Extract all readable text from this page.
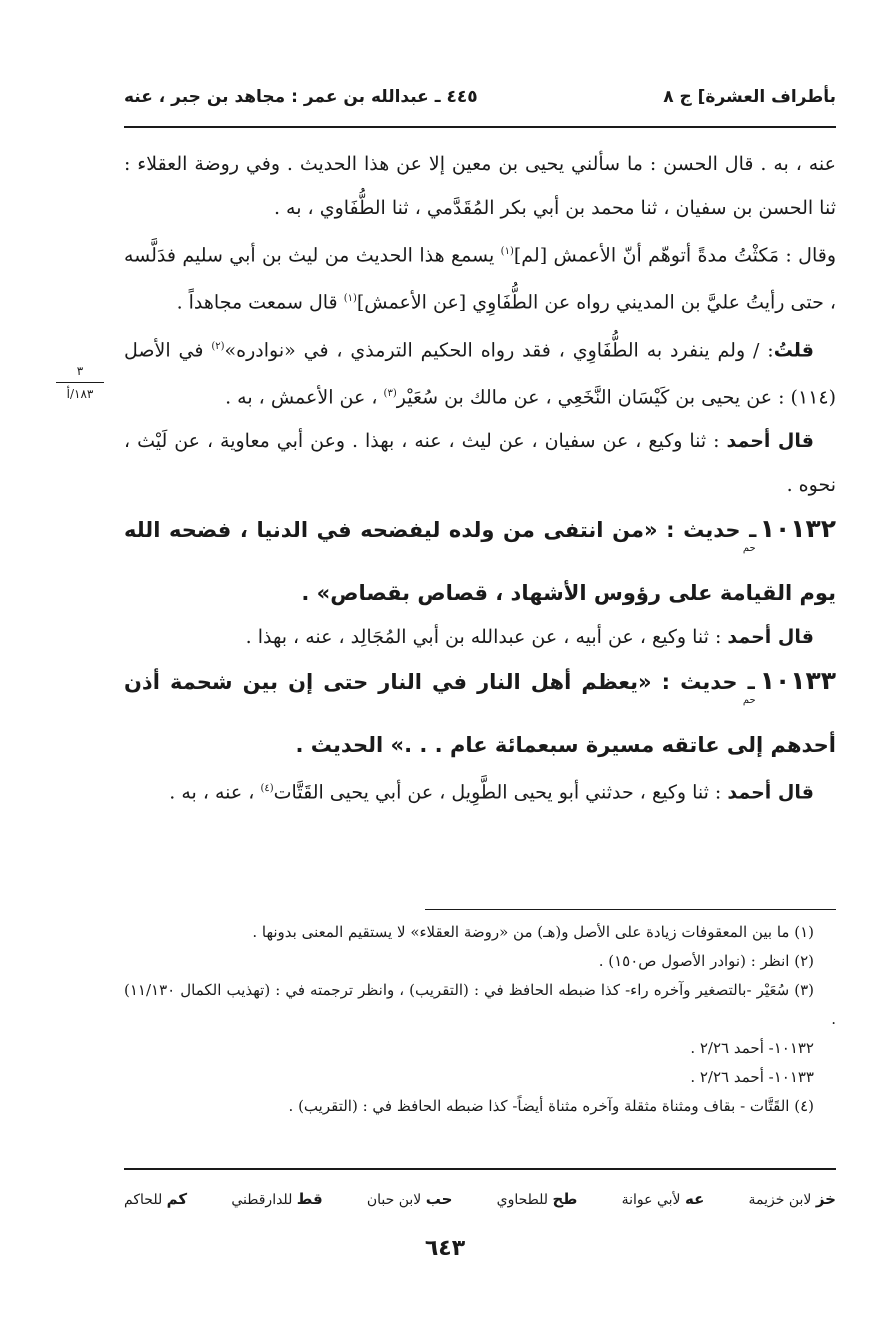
بأطراف العشرة] ج ٨
٤٤٥ ـ عبدالله بن عمر : مجاهد بن جبر ، عنه
٣
١٨٣/أ

عنه ، به . قال الحسن : ما سألني يحيى بن معين إلا عن هذا الحديث . وفي روضة العقلاء : ثنا الحسن بن سفيان ، ثنا محمد بن أبي بكر المُقَدَّمي ، ثنا الطُّفَاوي ، به .
وقال : مَكثْتُ مدةً أتوهّم أنّ الأعمش [لم]$^{(١)}$ يسمع هذا الحديث من ليث بن أبي سليم فدَلَّسه ، حتى رأيتُ عليَّ بن المديني رواه عن الطُّفَاوِي [عن الأعمش]$^{(١)}$ قال سمعت مجاهداً .

قلتُ: / ولم ينفرد به الطُّفَاوِي ، فقد رواه الحكيم الترمذي ، في «نوادره»$^{(٢)}$ في الأصل (١١٤) : عن يحيى بن كَيْسَان النَّخَعِي ، عن مالك بن سُعَيْر$^{(٣)}$ ، عن الأعمش ، به .

قال أحمد : ثنا وكيع ، عن سفيان ، عن ليث ، عنه ، بهذا . وعن أبي معاوية ، عن لَيْث ، نحوه .

١٠١٣٢حم ـ حديث : «من انتفى من ولده ليفضحه في الدنيا ، فضحه الله يوم القيامة على رؤوس الأشهاد ، قصاص بقصاص» .

قال أحمد : ثنا وكيع ، عن أبيه ، عن عبدالله بن أبي المُجَالِد ، عنه ، بهذا .

١٠١٣٣حم ـ حديث : «يعظم أهل النار في النار حتى إن بين شحمة أذن أحدهم إلى عاتقه مسيرة سبعمائة عام . . .» الحديث .

قال أحمد : ثنا وكيع ، حدثني أبو يحيى الطَّوِيل ، عن أبي يحيى القَتَّات$^{(٤)}$ ، عنه ، به .

(١) ما بين المعقوفات زيادة على الأصل و(هـ) من «روضة العقلاء» لا يستقيم المعنى بدونها .

(٢) انظر : (نوادر الأصول ص١٥٠) .

(٣) سُعَيْر -بالتصغير وآخره راء- كذا ضبطه الحافظ في : (التقريب) ، وانظر ترجمته في : (تهذيب الكمال ١١/١٣٠) .

١٠١٣٢- أحمد ٢/٢٦ .

١٠١٣٣- أحمد ٢/٢٦ .

(٤) القَتَّات - بقاف ومثناة مثقلة وآخره مثناة أيضاً- كذا ضبطه الحافظ في : (التقريب) .

خز لابن خزيمة
عه لأبي عوانة
طح للطحاوي
حب لابن حبان
قط للدارقطني
كم للحاكم
٦٤٣
